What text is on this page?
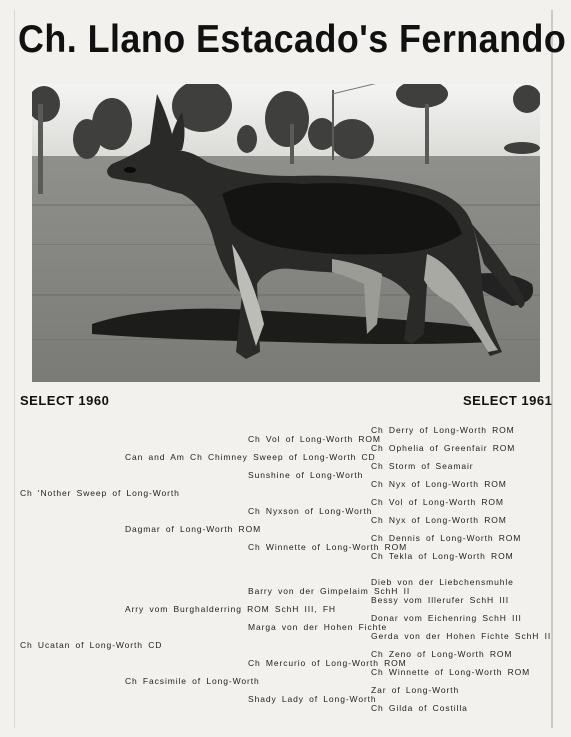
Ch. Llano Estacado's Fernando
SELECT 1960	SELECT 1961
Ch Derry of Long-Worth ROM
Ch Vol of Long-Worth ROM
Ch Ophelia of Greenfair ROM
Can and Am Ch Chimney Sweep of Long-Worth CD
Ch Storm of Seamair
Sunshine of Long-Worth
Ch Nyx of Long-Worth ROM
Ch 'Nother Sweep of Long-Worth
Ch Vol of Long-Worth ROM
Ch Nyxson of Long-Worth
Ch Nyx of Long-Worth ROM
Dagmar of Long-Worth ROM
Ch Dennis of Long-Worth ROM
Ch Winnette of Long-Worth ROM
Ch Tekla of Long-Worth ROM
Dieb von der Liebchensmuhle
Barry von der Gimpelaim SchH II
Bessy vom Illerufer SchH III
Arry vom Burghalderring ROM SchH III, FH
Donar vom Eichenring SchH III
Marga von der Hohen Fichte
Gerda von der Hohen Fichte SchH II
Ch Ucatan of Long-Worth CD
Ch Zeno of Long-Worth ROM
Ch Mercurio of Long-Worth ROM
Ch Winnette of Long-Worth ROM
Ch Facsimile of Long-Worth
Zar of Long-Worth
Shady Lady of Long-Worth
Ch Gilda of Costilla
